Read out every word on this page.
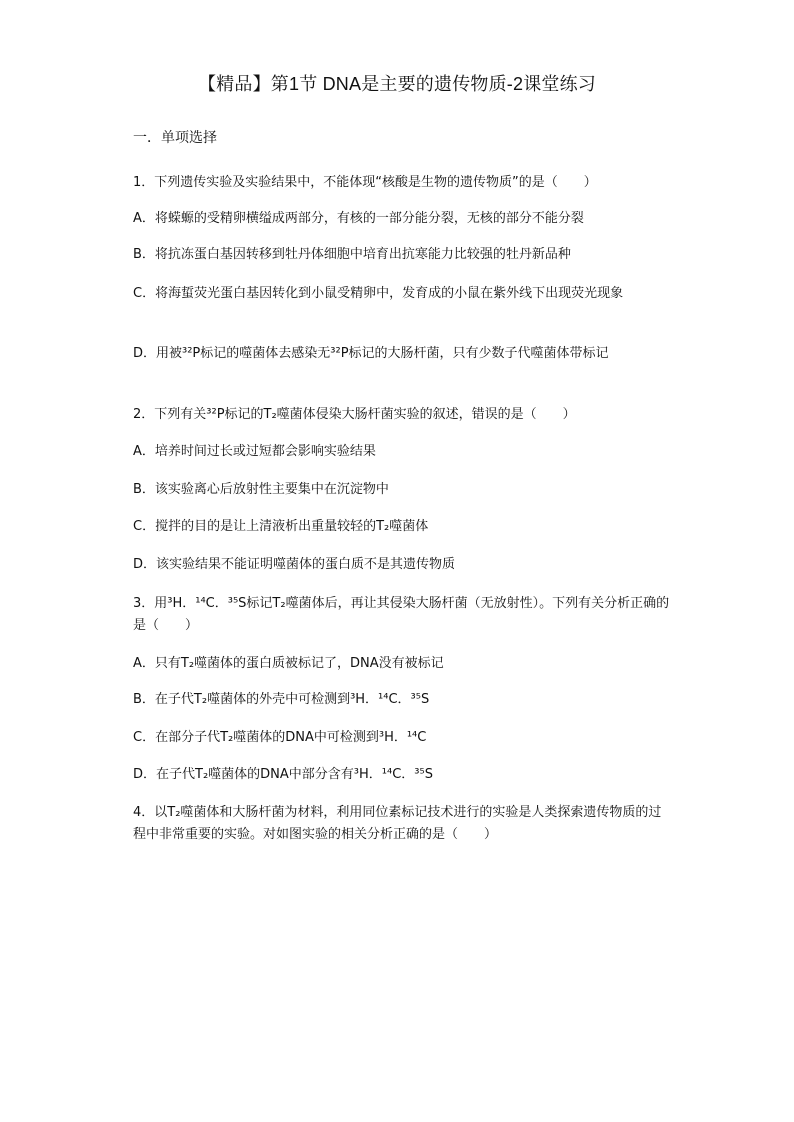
【精品】第1节 DNA是主要的遗传物质-2课堂练习
一．单项选择
1．下列遗传实验及实验结果中，不能体现“核酸是生物的遗传物质”的是（　　）
A．将蝾螈的受精卵横缢成两部分，有核的一部分能分裂，无核的部分不能分裂
B．将抗冻蛋白基因转移到牡丹体细胞中培育出抗寒能力比较强的牡丹新品种
C．将海蜇荧光蛋白基因转化到小鼠受精卵中，发育成的小鼠在紫外线下出现荧光现象
D．用被³²P标记的噬菌体去感染无³²P标记的大肠杆菌，只有少数子代噬菌体带标记
2．下列有关³²P标记的T₂噬菌体侵染大肠杆菌实验的叙述，错误的是（　　）
A．培养时间过长或过短都会影响实验结果
B．该实验离心后放射性主要集中在沉淀物中
C．搅拌的目的是让上清液析出重量较轻的T₂噬菌体
D．该实验结果不能证明噬菌体的蛋白质不是其遗传物质
3．用³H．¹⁴C．³⁵S标记T₂噬菌体后，再让其侵染大肠杆菌（无放射性）。下列有关分析正确的是（　　）
A．只有T₂噬菌体的蛋白质被标记了，DNA没有被标记
B．在子代T₂噬菌体的外壳中可检测到³H．¹⁴C．³⁵S
C．在部分子代T₂噬菌体的DNA中可检测到³H．¹⁴C
D．在子代T₂噬菌体的DNA中部分含有³H．¹⁴C．³⁵S
4．以T₂噬菌体和大肠杆菌为材料，利用同位素标记技术进行的实验是人类探索遗传物质的过程中非常重要的实验。对如图实验的相关分析正确的是（　　）
